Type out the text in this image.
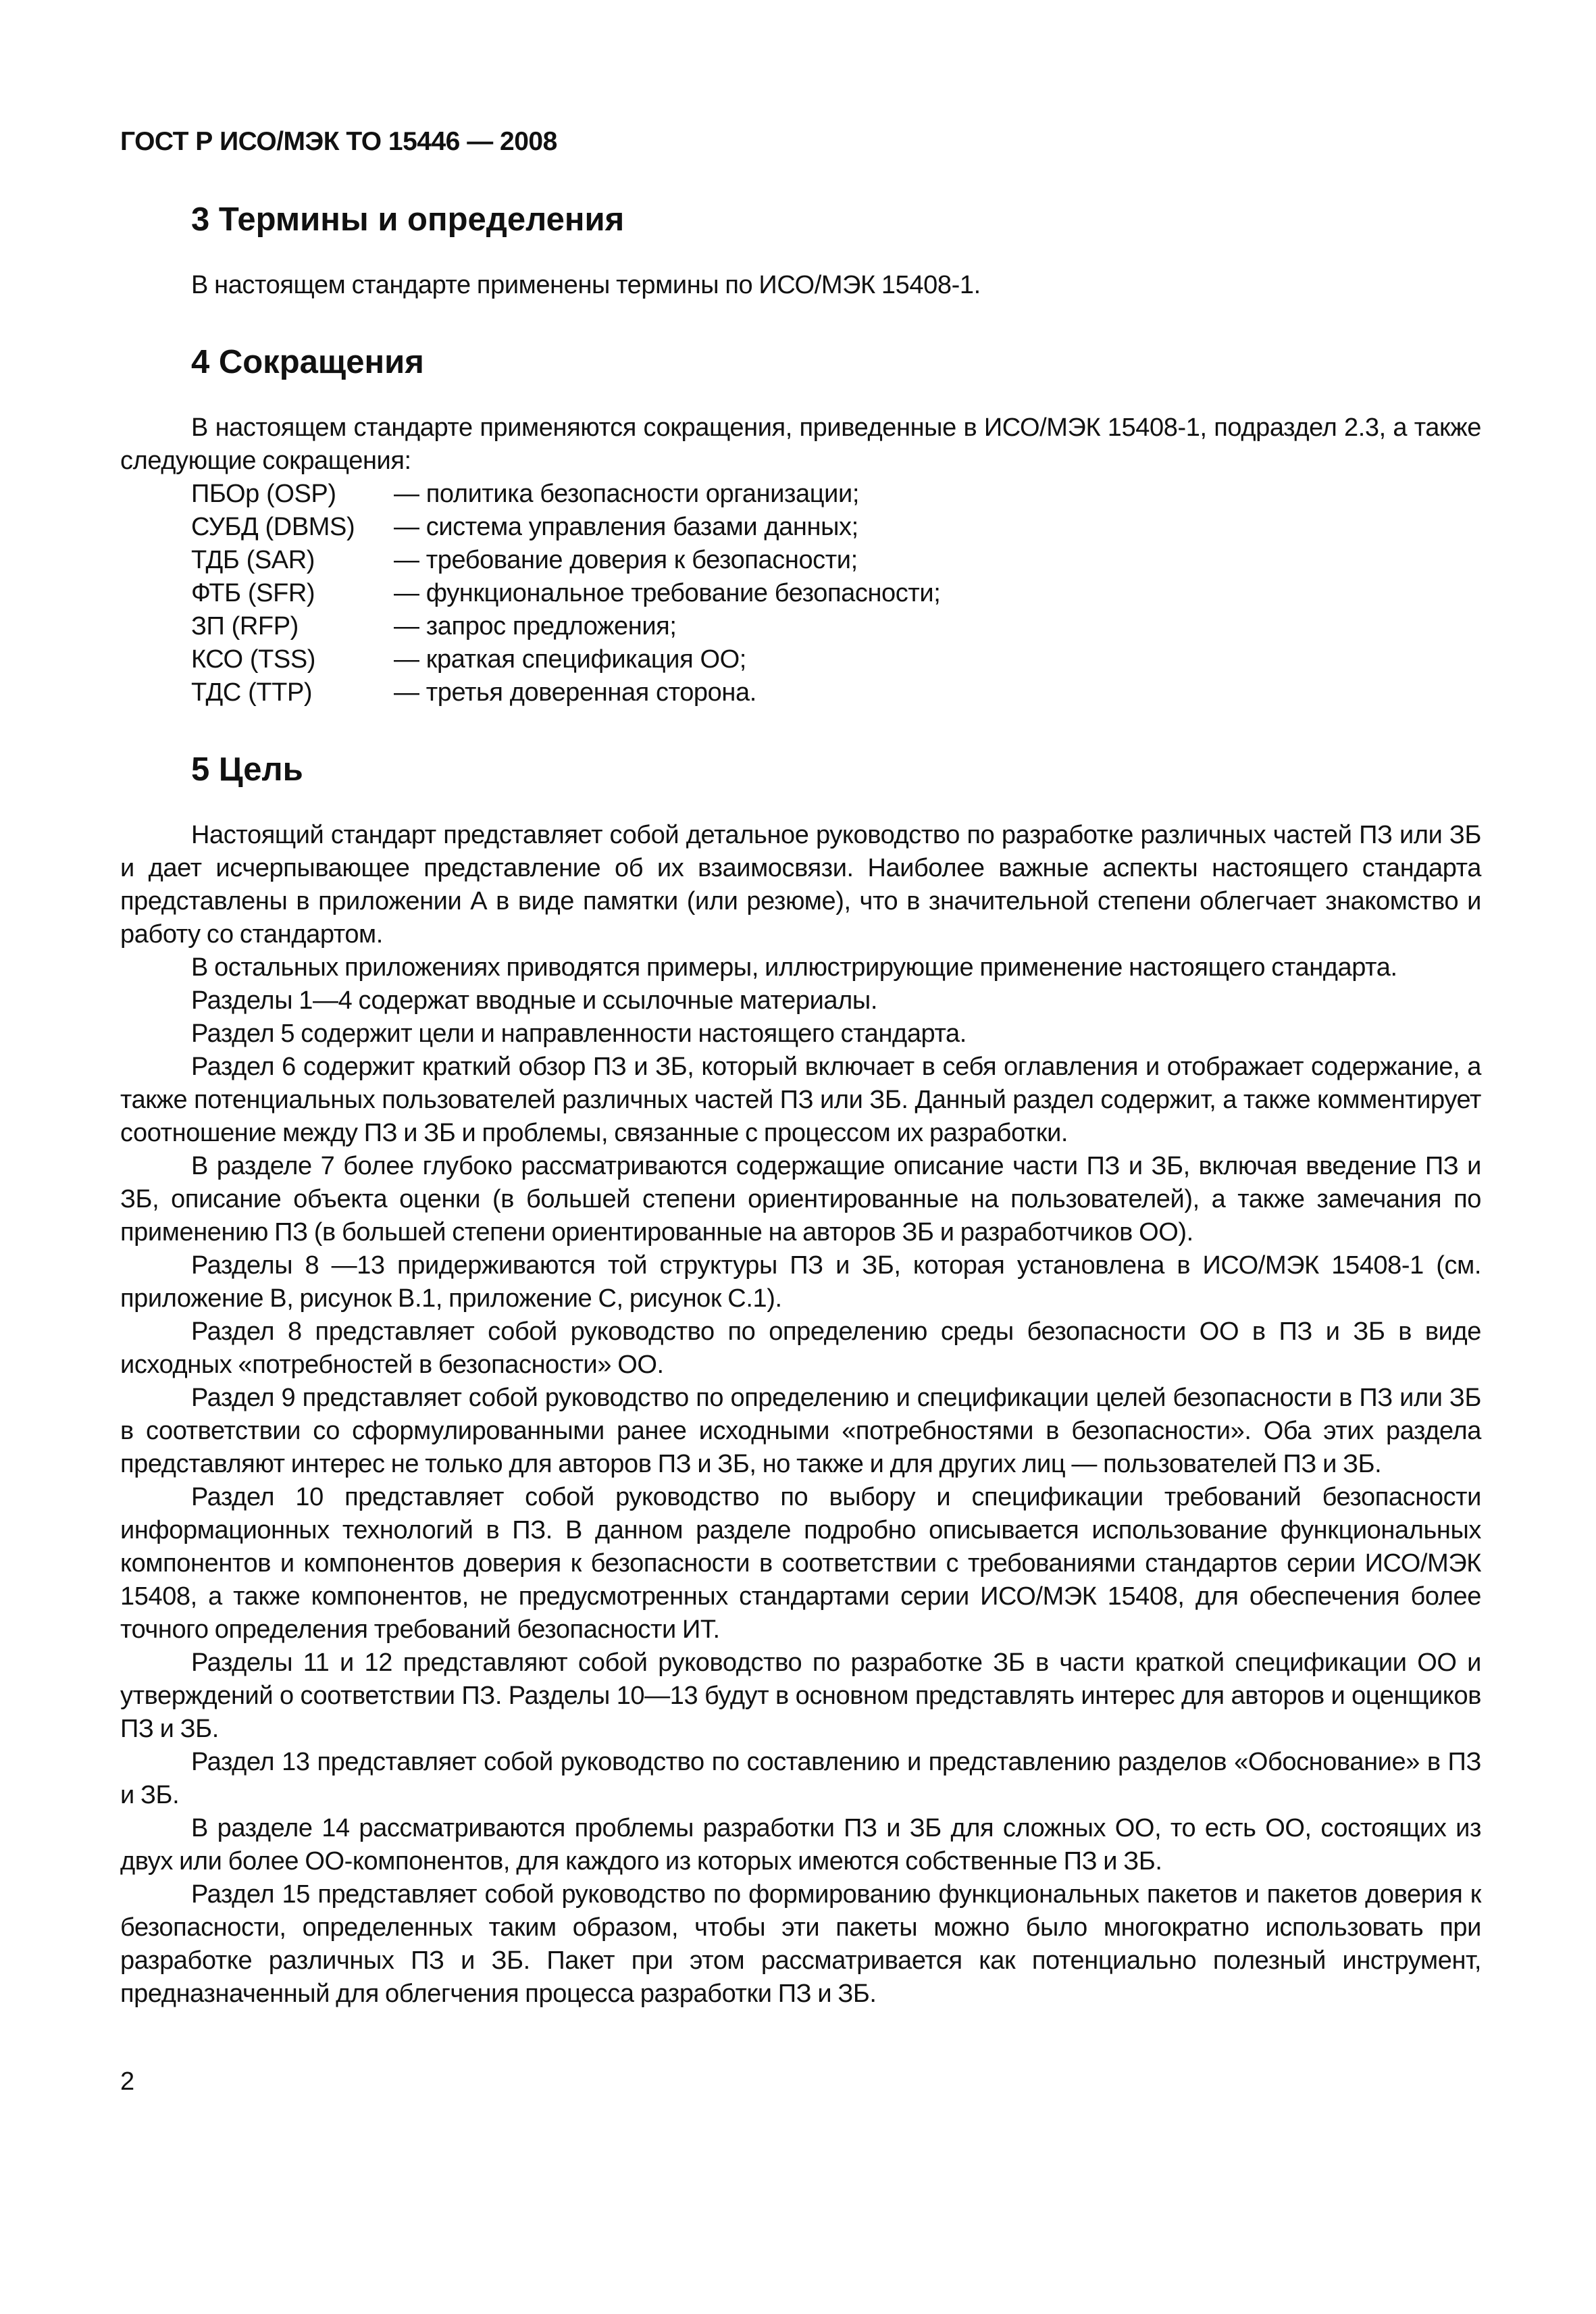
ГОСТ Р ИСО/МЭК ТО 15446 — 2008
3 Термины и определения

В настоящем стандарте применены термины по ИСО/МЭК 15408-1.

4 Сокращения

В настоящем стандарте применяются сокращения, приведенные в ИСО/МЭК 15408-1, подраздел 2.3, а также следующие сокращения:

ПБОр (OSP)	— политика безопасности организации;
СУБД (DBMS)	— система управления базами данных;
ТДБ (SAR)	— требование доверия к безопасности;
ФТБ (SFR)	— функциональное требование безопасности;
ЗП (RFP)	— запрос предложения;
КСО (TSS)	— краткая спецификация ОО;
ТДС (TTP)	— третья доверенная сторона.
5 Цель

Настоящий стандарт представляет собой детальное руководство по разработке различных частей ПЗ или ЗБ и дает исчерпывающее представление об их взаимосвязи. Наиболее важные аспекты настоящего стандарта представлены в приложении А в виде памятки (или резюме), что в значительной степени облегчает знакомство и работу со стандартом.

В остальных приложениях приводятся примеры, иллюстрирующие применение настоящего стандарта.

Разделы 1—4 содержат вводные и ссылочные материалы.

Раздел 5 содержит цели и направленности настоящего стандарта.

Раздел 6 содержит краткий обзор ПЗ и ЗБ, который включает в себя оглавления и отображает содержание, а также потенциальных пользователей различных частей ПЗ или ЗБ. Данный раздел содержит, а также комментирует соотношение между ПЗ и ЗБ и проблемы, связанные с процессом их разработки.

В разделе 7 более глубоко рассматриваются содержащие описание части ПЗ и ЗБ, включая введение ПЗ и ЗБ, описание объекта оценки (в большей степени ориентированные на пользователей), а также замечания по применению ПЗ (в большей степени ориентированные на авторов ЗБ и разработчиков ОО).

Разделы 8 —13 придерживаются той структуры ПЗ и ЗБ, которая установлена в ИСО/МЭК 15408-1 (см. приложение В, рисунок В.1, приложение С, рисунок С.1).

Раздел 8 представляет собой руководство по определению среды безопасности ОО в ПЗ и ЗБ в виде исходных «потребностей в безопасности» ОО.

Раздел 9 представляет собой руководство по определению и спецификации целей безопасности в ПЗ или ЗБ в соответствии со сформулированными ранее исходными «потребностями в безопасности». Оба этих раздела представляют интерес не только для авторов ПЗ и ЗБ, но также и для других лиц — пользователей ПЗ и ЗБ.

Раздел 10 представляет собой руководство по выбору и спецификации требований безопасности информационных технологий в ПЗ. В данном разделе подробно описывается использование функциональных компонентов и компонентов доверия к безопасности в соответствии с требованиями стандартов серии ИСО/МЭК 15408, а также компонентов, не предусмотренных стандартами серии ИСО/МЭК 15408, для обеспечения более точного определения требований безопасности ИТ.

Разделы 11 и 12 представляют собой руководство по разработке ЗБ в части краткой спецификации ОО и утверждений о соответствии ПЗ. Разделы 10—13 будут в основном представлять интерес для авторов и оценщиков ПЗ и ЗБ.

Раздел 13 представляет собой руководство по составлению и представлению разделов «Обоснование» в ПЗ и ЗБ.

В разделе 14 рассматриваются проблемы разработки ПЗ и ЗБ для сложных ОО, то есть ОО, состоящих из двух или более ОО-компонентов, для каждого из которых имеются собственные ПЗ и ЗБ.

Раздел 15 представляет собой руководство по формированию функциональных пакетов и пакетов доверия к безопасности, определенных таким образом, чтобы эти пакеты можно было многократно использовать при разработке различных ПЗ и ЗБ. Пакет при этом рассматривается как потенциально полезный инструмент, предназначенный для облегчения процесса разработки ПЗ и ЗБ.

2
